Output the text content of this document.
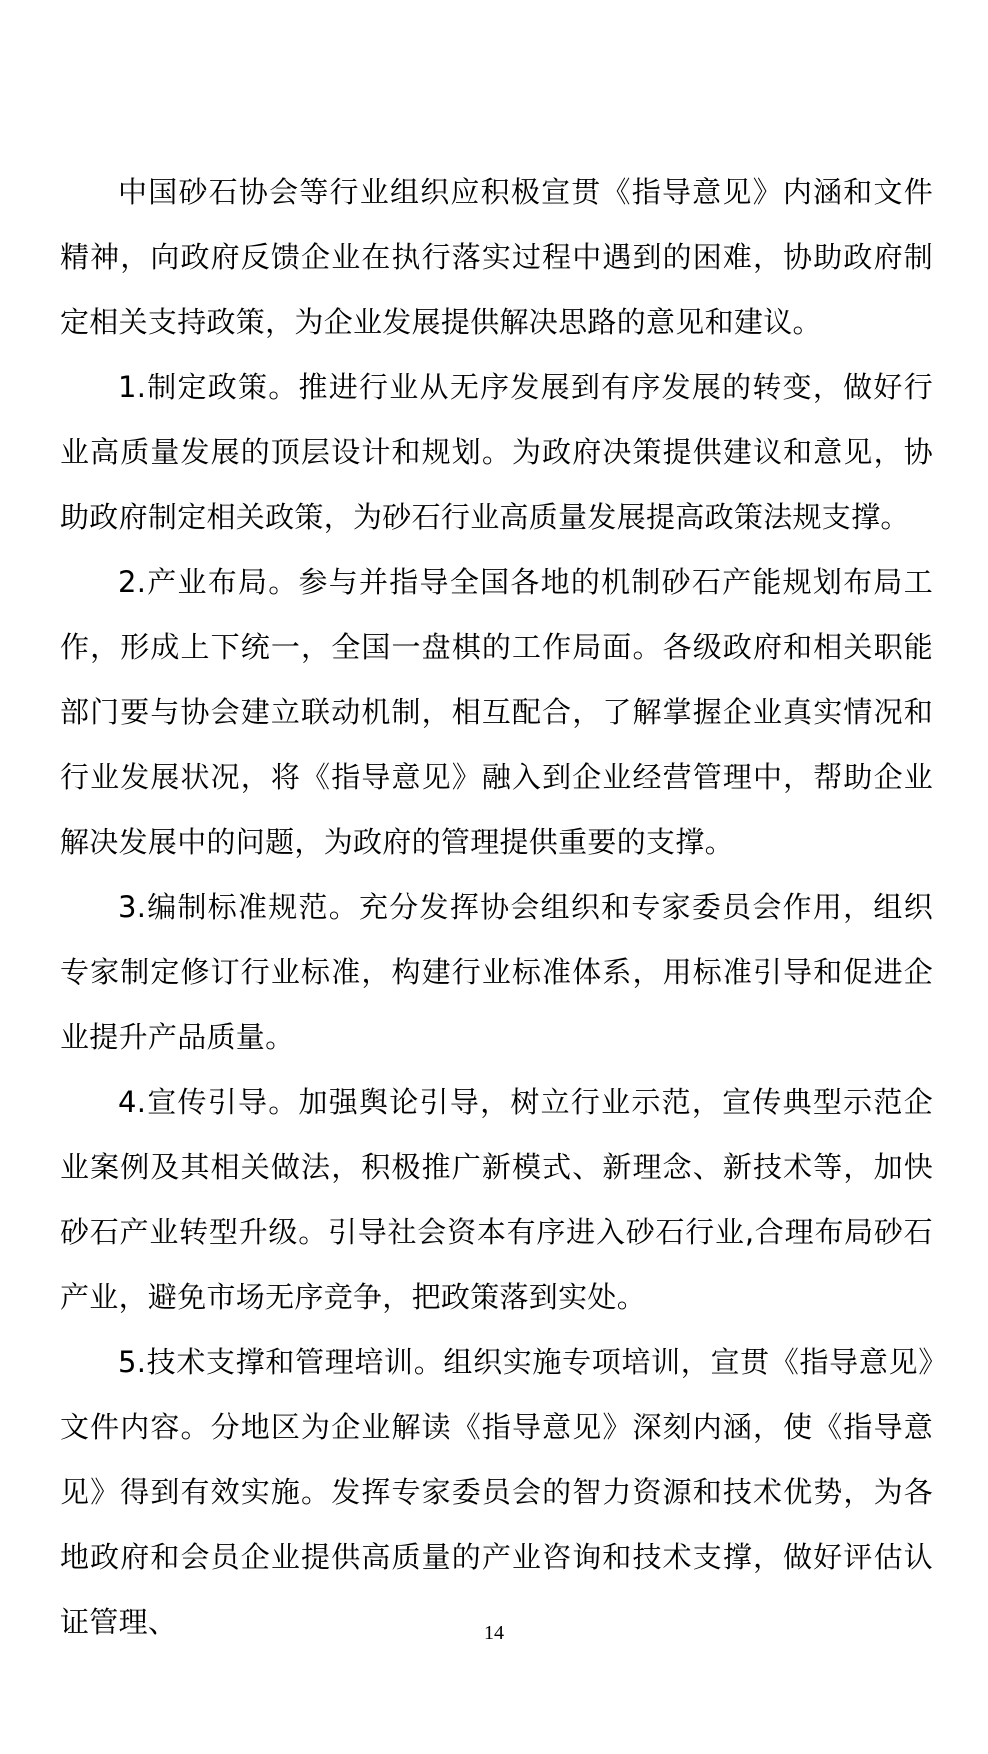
中国砂石协会等行业组织应积极宣贯《指导意见》内涵和文件精神，向政府反馈企业在执行落实过程中遇到的困难，协助政府制定相关支持政策，为企业发展提供解决思路的意见和建议。

1.制定政策。推进行业从无序发展到有序发展的转变，做好行业高质量发展的顶层设计和规划。为政府决策提供建议和意见，协助政府制定相关政策，为砂石行业高质量发展提高政策法规支撑。

2.产业布局。参与并指导全国各地的机制砂石产能规划布局工作，形成上下统一，全国一盘棋的工作局面。各级政府和相关职能部门要与协会建立联动机制，相互配合，了解掌握企业真实情况和行业发展状况，将《指导意见》融入到企业经营管理中，帮助企业解决发展中的问题，为政府的管理提供重要的支撑。

3.编制标准规范。充分发挥协会组织和专家委员会作用，组织专家制定修订行业标准，构建行业标准体系，用标准引导和促进企业提升产品质量。

4.宣传引导。加强舆论引导，树立行业示范，宣传典型示范企业案例及其相关做法，积极推广新模式、新理念、新技术等，加快砂石产业转型升级。引导社会资本有序进入砂石行业,合理布局砂石产业，避免市场无序竞争，把政策落到实处。

5.技术支撑和管理培训。组织实施专项培训，宣贯《指导意见》文件内容。分地区为企业解读《指导意见》深刻内涵，使《指导意见》得到有效实施。发挥专家委员会的智力资源和技术优势，为各地政府和会员企业提供高质量的产业咨询和技术支撑，做好评估认证管理、	14
